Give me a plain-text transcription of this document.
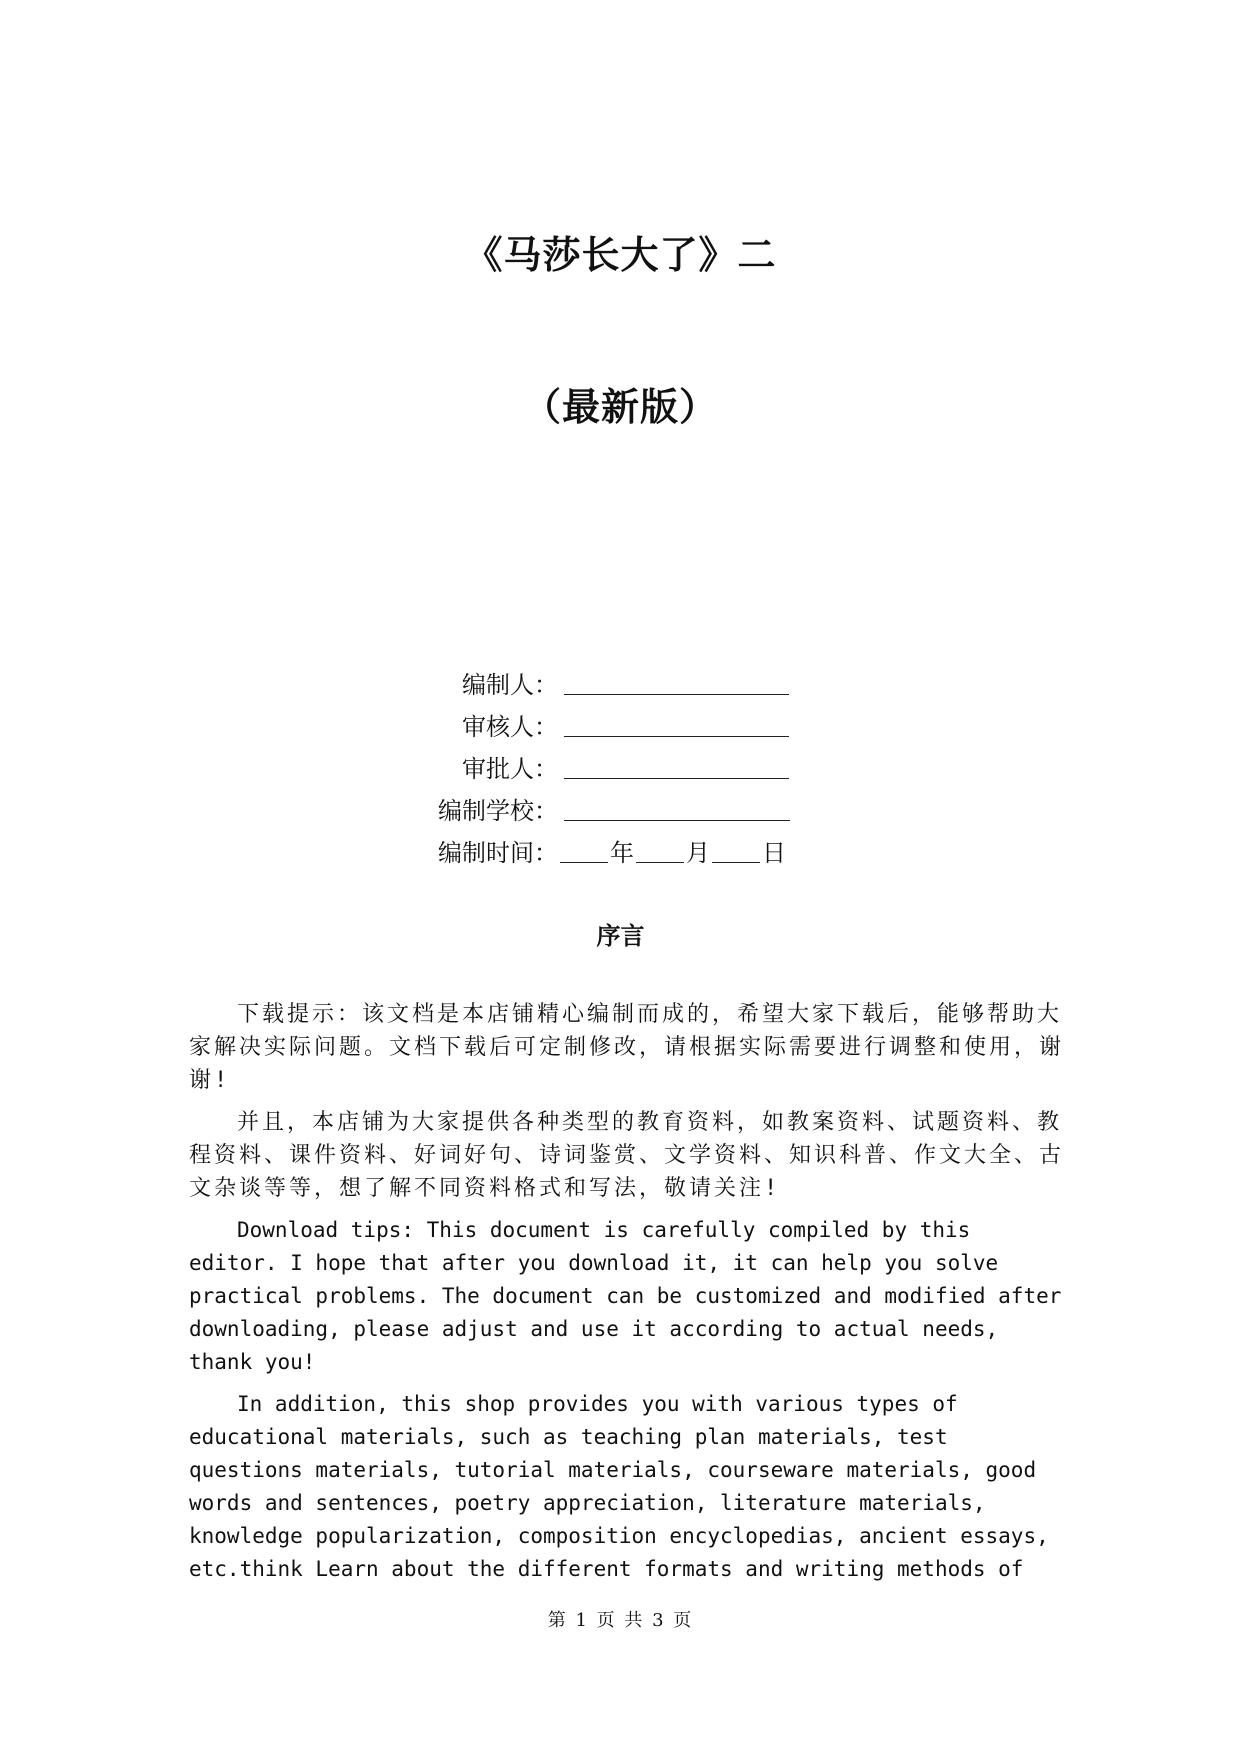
《马莎长大了》二
（最新版）
编制人：
审核人：
审批人：
编制学校：
编制时间： 年 月 日
序言

下载提示：该文档是本店铺精心编制而成的，希望大家下载后，能够帮助大家解决实际问题。文档下载后可定制修改，请根据实际需要进行调整和使用，谢谢!

并且，本店铺为大家提供各种类型的教育资料，如教案资料、试题资料、教程资料、课件资料、好词好句、诗词鉴赏、文学资料、知识科普、作文大全、古文杂谈等等，想了解不同资料格式和写法，敬请关注!

Download tips: This document is carefully compiled by this editor. I hope that after you download it, it can help you solve practical problems. The document can be customized and modified after downloading, please adjust and use it according to actual needs, thank you!

In addition, this shop provides you with various types of educational materials, such as teaching plan materials, test questions materials, tutorial materials, courseware materials, good words and sentences, poetry appreciation, literature materials, knowledge popularization, composition encyclopedias, ancient essays, etc.think Learn about the different formats and writing methods of

第 1 页 共 3 页
